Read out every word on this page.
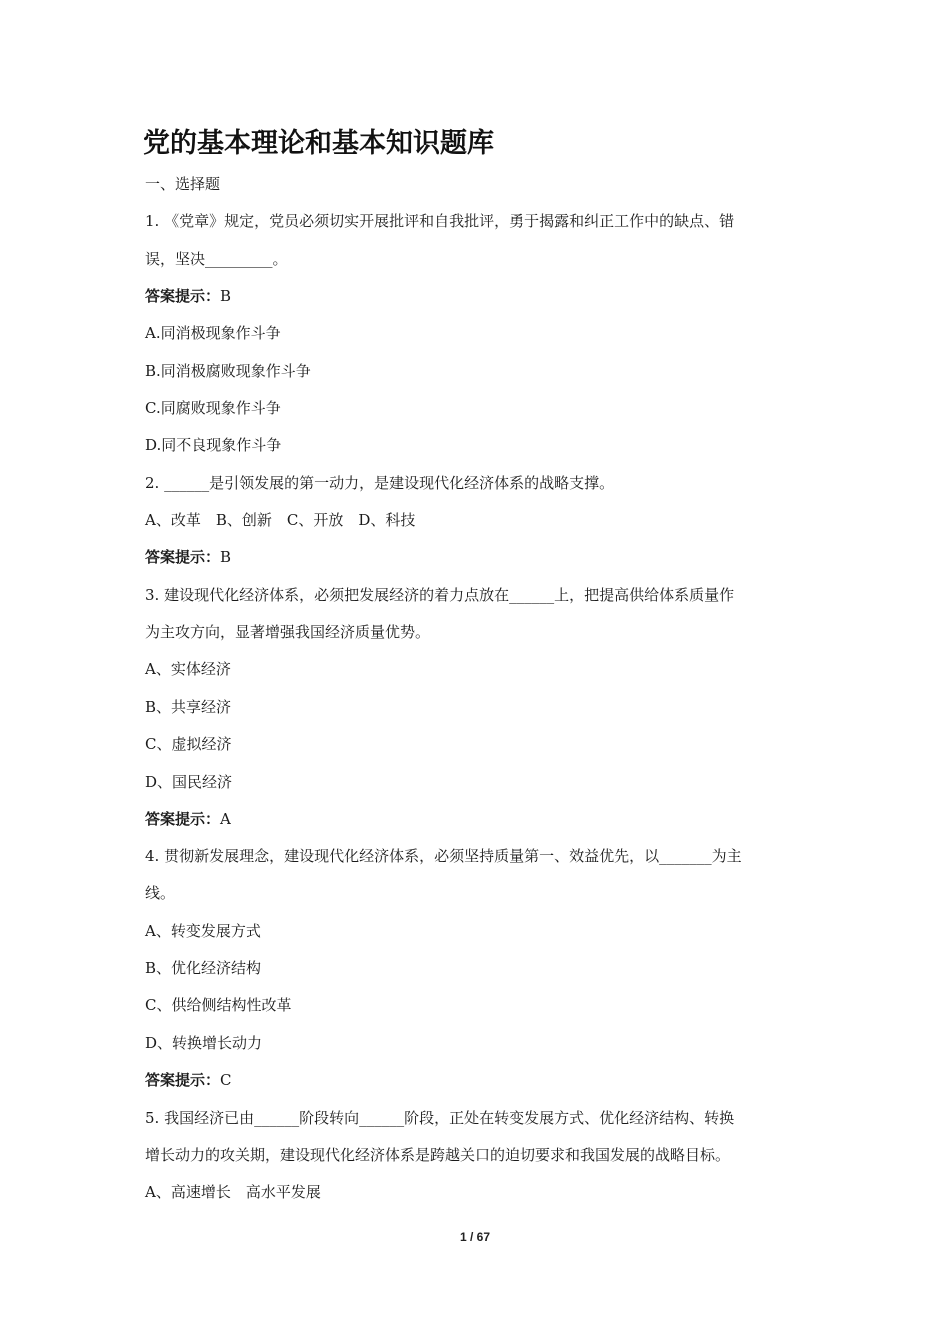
党的基本理论和基本知识题库

一、选择题

1. 《党章》规定，党员必须切实开展批评和自我批评，勇于揭露和纠正工作中的缺点、错

误，坚决_________。

答案提示：B

A.同消极现象作斗争

B.同消极腐败现象作斗争

C.同腐败现象作斗争

D.同不良现象作斗争

2. ______是引领发展的第一动力，是建设现代化经济体系的战略支撑。

A、改革　B、创新　C、开放　D、科技

答案提示：B

3. 建设现代化经济体系，必须把发展经济的着力点放在______上，把提高供给体系质量作

为主攻方向，显著增强我国经济质量优势。

A、实体经济

B、共享经济

C、虚拟经济

D、国民经济

答案提示：A

4. 贯彻新发展理念，建设现代化经济体系，必须坚持质量第一、效益优先，以_______为主

线。

A、转变发展方式

B、优化经济结构

C、供给侧结构性改革

D、转换增长动力

答案提示：C

5. 我国经济已由______阶段转向______阶段，正处在转变发展方式、优化经济结构、转换

增长动力的攻关期，建设现代化经济体系是跨越关口的迫切要求和我国发展的战略目标。

A、高速增长　高水平发展

1 / 67
